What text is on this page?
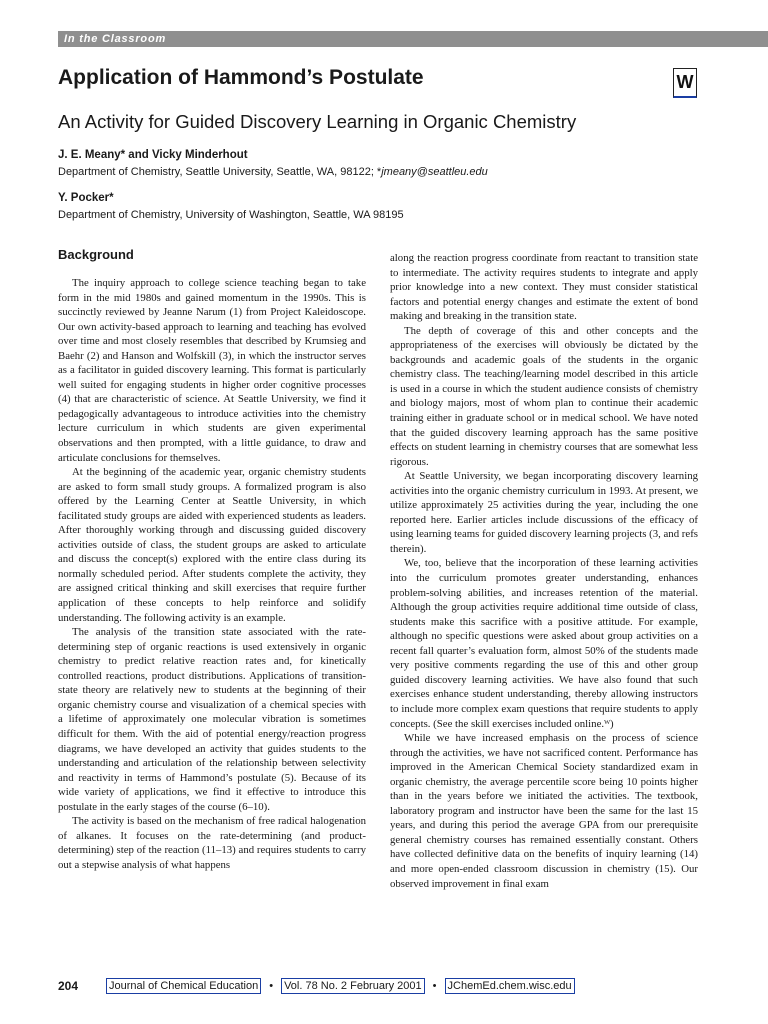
In the Classroom
Application of Hammond’s Postulate	W
An Activity for Guided Discovery Learning in Organic Chemistry

J. E. Meany* and Vicky Minderhout

Department of Chemistry, Seattle University, Seattle, WA, 98122; *jmeany@seattleu.edu

Y. Pocker*

Department of Chemistry, University of Washington, Seattle, WA 98195

Background

The inquiry approach to college science teaching began to take form in the mid 1980s and gained momentum in the 1990s. This is succinctly reviewed by Jeanne Narum (1) from Project Kaleidoscope. Our own activity-based approach to learning and teaching has evolved over time and most closely resembles that described by Krumsieg and Baehr (2) and Hanson and Wolfskill (3), in which the instructor serves as a facilitator in guided discovery learning. This format is particularly well suited for engaging students in higher order cognitive processes (4) that are characteristic of science. At Seattle University, we find it pedagogically advantageous to introduce activities into the chemistry lecture curriculum in which students are given experimental observations and then prompted, with a little guidance, to draw and articulate conclusions for themselves.

At the beginning of the academic year, organic chemistry students are asked to form small study groups. A formalized program is also offered by the Learning Center at Seattle University, in which facilitated study groups are aided with experienced students as leaders. After thoroughly working through and discussing guided discovery activities outside of class, the student groups are asked to articulate and discuss the concept(s) explored with the entire class during its normally scheduled period. After students complete the activity, they are assigned critical thinking and skill exercises that require further application of these concepts to help reinforce and solidify understanding. The following activity is an example.

The analysis of the transition state associated with the rate-determining step of organic reactions is used extensively in organic chemistry to predict relative reaction rates and, for kinetically controlled reactions, product distributions. Applications of transition-state theory are relatively new to students at the beginning of their organic chemistry course and visualization of a chemical species with a lifetime of approximately one molecular vibration is sometimes difficult for them. With the aid of potential energy/reaction progress diagrams, we have developed an activity that guides students to the understanding and articulation of the relationship between selectivity and reactivity in terms of Hammond’s postulate (5). Because of its wide variety of applications, we find it effective to introduce this postulate in the early stages of the course (6–10).

The activity is based on the mechanism of free radical halogenation of alkanes. It focuses on the rate-determining (and product-determining) step of the reaction (11–13) and requires students to carry out a stepwise analysis of what happens

along the reaction progress coordinate from reactant to transition state to intermediate. The activity requires students to integrate and apply prior knowledge into a new context. They must consider statistical factors and potential energy changes and estimate the extent of bond making and breaking in the transition state.

The depth of coverage of this and other concepts and the appropriateness of the exercises will obviously be dictated by the backgrounds and academic goals of the students in the organic chemistry class. The teaching/learning model described in this article is used in a course in which the student audience consists of chemistry and biology majors, most of whom plan to continue their academic training either in graduate school or in medical school. We have noted that the guided discovery learning approach has the same positive effects on student learning in chemistry courses that are somewhat less rigorous.

At Seattle University, we began incorporating discovery learning activities into the organic chemistry curriculum in 1993. At present, we utilize approximately 25 activities during the year, including the one reported here. Earlier articles include discussions of the efficacy of using learning teams for guided discovery learning projects (3, and refs therein).

We, too, believe that the incorporation of these learning activities into the curriculum promotes greater understanding, enhances problem-solving abilities, and increases retention of the material. Although the group activities require additional time outside of class, students make this sacrifice with a positive attitude. For example, although no specific questions were asked about group activities on a recent fall quarter’s evaluation form, almost 50% of the students made very positive comments regarding the use of this and other group guided discovery learning activities. We have also found that such exercises enhance student understanding, thereby allowing instructors to include more complex exam questions that require students to apply concepts. (See the skill exercises included online.ᵂ)

While we have increased emphasis on the process of science through the activities, we have not sacrificed content. Performance has improved in the American Chemical Society standardized exam in organic chemistry, the average percentile score being 10 points higher than in the years before we initiated the activities. The textbook, laboratory program and instructor have been the same for the last 15 years, and during this period the average GPA from our prerequisite general chemistry courses has remained essentially constant. Others have collected definitive data on the benefits of inquiry learning (14) and more open-ended classroom discussion in chemistry (15). Our observed improvement in final exam

204	Journal of Chemical Education • Vol. 78 No. 2 February 2001 • JChemEd.chem.wisc.edu
